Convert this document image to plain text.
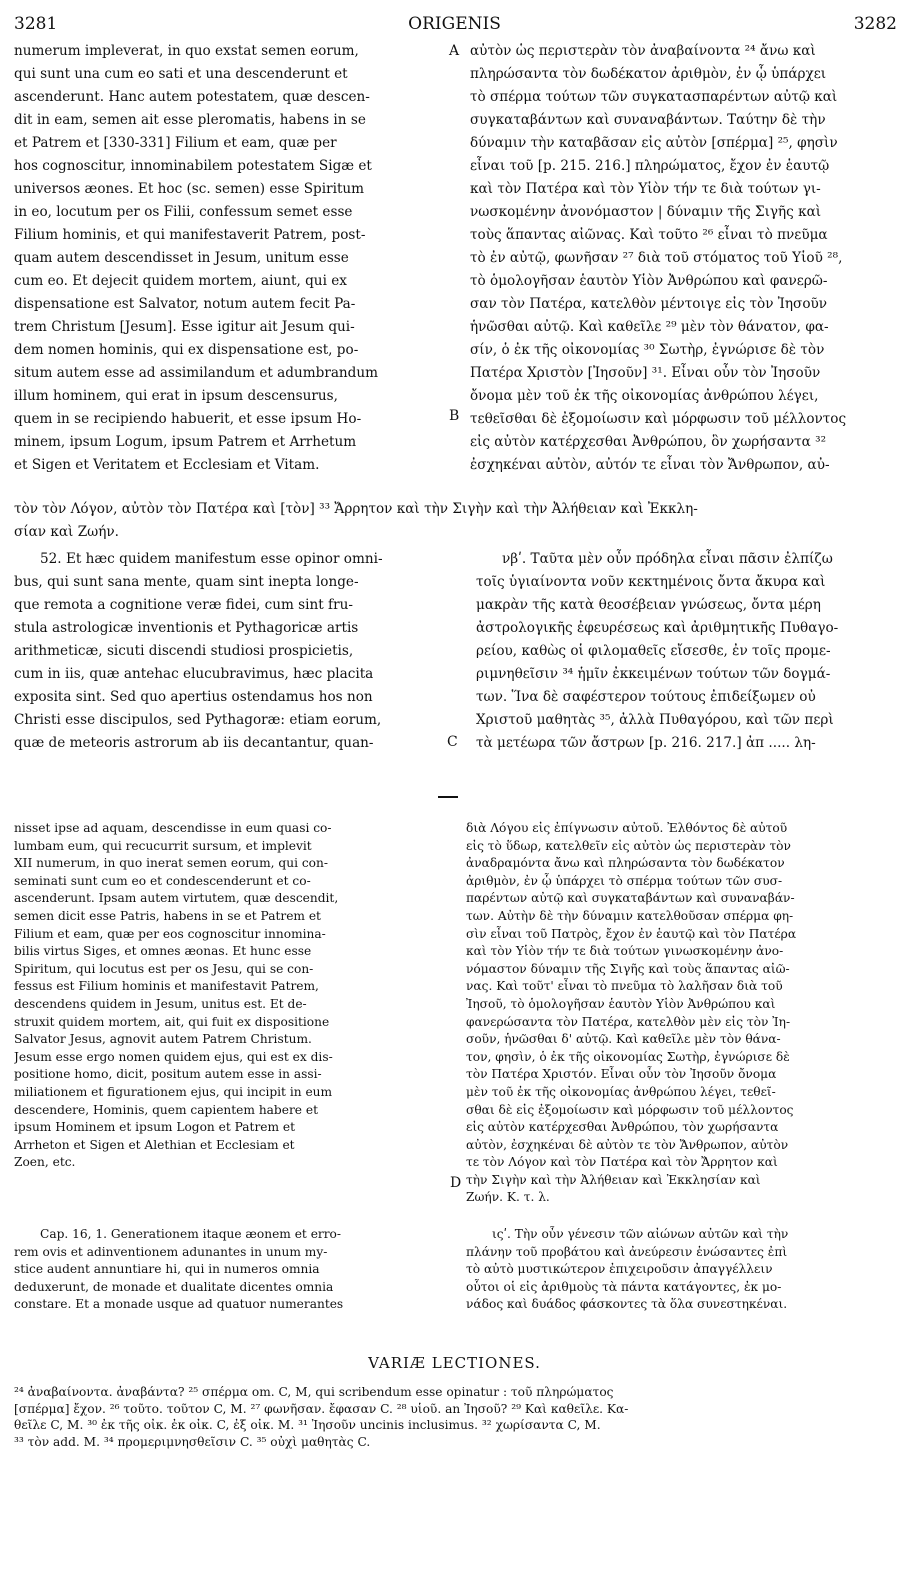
3281	ORIGENIS	3282
numerum impleverat, in quo exstat semen eorum,
qui sunt una cum eo sati et una descenderunt et
ascenderunt. Hanc autem potestatem, quæ descen-
dit in eam, semen ait esse pleromatis, habens in se
et Patrem et [330-331] Filium et eam, quæ per
hos cognoscitur, innominabilem potestatem Sigæ et
universos æones. Et hoc (sc. semen) esse Spiritum
in eo, locutum per os Filii, confessum semet esse
Filium hominis, et qui manifestaverit Patrem, post-
quam autem descendisset in Jesum, unitum esse
cum eo. Et dejecit quidem mortem, aiunt, qui ex
dispensatione est Salvator, notum autem fecit Pa-
trem Christum [Jesum]. Esse igitur ait Jesum qui-
dem nomen hominis, qui ex dispensatione est, po-
situm autem esse ad assimilandum et adumbrandum
illum hominem, qui erat in ipsum descensurus,
quem in se recipiendo habuerit, et esse ipsum Ho-
minem, ipsum Logum, ipsum Patrem et Arrhetum
et Sigen et Veritatem et Ecclesiam et Vitam.
αὐτὸν ὡς περιστερὰν τὸν ἀναβαίνοντα ²⁴ ἄνω καὶ
πληρώσαντα τὸν δωδέκατον ἀριθμὸν, ἐν ᾧ ὑπάρχει
τὸ σπέρμα τούτων τῶν συγκατασπαρέντων αὐτῷ καὶ
συγκαταβάντων καὶ συναναβάντων. Ταύτην δὲ τὴν
δύναμιν τὴν καταβᾶσαν εἰς αὐτὸν [σπέρμα] ²⁵, φησὶν
εἶναι τοῦ [p. 215. 216.] πληρώματος, ἔχον ἐν ἑαυτῷ
καὶ τὸν Πατέρα καὶ τὸν Υἱὸν τήν τε διὰ τούτων γι-
νωσκομένην ἀνονόμαστον | δύναμιν τῆς Σιγῆς καὶ
τοὺς ἅπαντας αἰῶνας. Καὶ τοῦτο ²⁶ εἶναι τὸ πνεῦμα
τὸ ἐν αὐτῷ, φωνῆσαν ²⁷ διὰ τοῦ στόματος τοῦ Υἱοῦ ²⁸,
τὸ ὁμολογῆσαν ἑαυτὸν Υἱὸν Ἀνθρώπου καὶ φανερῶ-
σαν τὸν Πατέρα, κατελθὸν μέντοιγε εἰς τὸν Ἰησοῦν
ἡνῶσθαι αὐτῷ. Καὶ καθεῖλε ²⁹ μὲν τὸν θάνατον, φα-
σίν, ὁ ἐκ τῆς οἰκονομίας ³⁰ Σωτὴρ, ἐγνώρισε δὲ τὸν
Πατέρα Χριστὸν [Ἰησοῦν] ³¹. Εἶναι οὖν τὸν Ἰησοῦν
ὄνομα μὲν τοῦ ἐκ τῆς οἰκονομίας ἀνθρώπου λέγει,
τεθεῖσθαι δὲ ἐξομοίωσιν καὶ μόρφωσιν τοῦ μέλλοντος
εἰς αὐτὸν κατέρχεσθαι Ἀνθρώπου, ὃν χωρήσαντα ³²
ἐσχηκέναι αὐτὸν, αὐτόν τε εἶναι τὸν Ἄνθρωπον, αὐ-
A
B
τὸν τὸν Λόγον, αὐτὸν τὸν Πατέρα καὶ [τὸν] ³³ Ἄρρητον καὶ τὴν Σιγὴν καὶ τὴν Ἀλήθειαν καὶ Ἐκκλη-
σίαν καὶ Ζωήν.
52. Et hæc quidem manifestum esse opinor omni-
bus, qui sunt sana mente, quam sint inepta longe-
que remota a cognitione veræ fidei, cum sint fru-
stula astrologicæ inventionis et Pythagoricæ artis
arithmeticæ, sicuti discendi studiosi prospicietis,
cum in iis, quæ antehac elucubravimus, hæc placita
exposita sint. Sed quo apertius ostendamus hos non
Christi esse discipulos, sed Pythagoræ: etiam eorum,
quæ de meteoris astrorum ab iis decantantur, quan-
νβʹ. Ταῦτα μὲν οὖν πρόδηλα εἶναι πᾶσιν ἐλπίζω
τοῖς ὑγιαίνοντα νοῦν κεκτημένοις ὄντα ἄκυρα καὶ
μακρὰν τῆς κατὰ θεοσέβειαν γνώσεως, ὄντα μέρη
ἀστρολογικῆς ἐφευρέσεως καὶ ἀριθμητικῆς Πυθαγο-
ρείου, καθὼς οἱ φιλομαθεῖς εἴσεσθε, ἐν τοῖς προμε-
ριμνηθεῖσιν ³⁴ ἡμῖν ἐκκειμένων τούτων τῶν δογμά-
των. Ἵνα δὲ σαφέστερον τούτους ἐπιδείξωμεν οὐ
Χριστοῦ μαθητὰς ³⁵, ἀλλὰ Πυθαγόρου, καὶ τῶν περὶ
τὰ μετέωρα τῶν ἄστρων [p. 216. 217.] ἀπ ..... λη-
C
nisset ipse ad aquam, descendisse in eum quasi co-
lumbam eum, qui recucurrit sursum, et implevit
XII numerum, in quo inerat semen eorum, qui con-
seminati sunt cum eo et condescenderunt et co-
ascenderunt. Ipsam autem virtutem, quæ descendit,
semen dicit esse Patris, habens in se et Patrem et
Filium et eam, quæ per eos cognoscitur innomina-
bilis virtus Siges, et omnes æonas. Et hunc esse
Spiritum, qui locutus est per os Jesu, qui se con-
fessus est Filium hominis et manifestavit Patrem,
descendens quidem in Jesum, unitus est. Et de-
struxit quidem mortem, ait, qui fuit ex dispositione
Salvator Jesus, agnovit autem Patrem Christum.
Jesum esse ergo nomen quidem ejus, qui est ex dis-
positione homo, dicit, positum autem esse in assi-
miliationem et figurationem ejus, qui incipit in eum
descendere, Hominis, quem capientem habere et
ipsum Hominem et ipsum Logon et Patrem et
Arrheton et Sigen et Alethian et Ecclesiam et
Zoen, etc.
διὰ Λόγου εἰς ἐπίγνωσιν αὐτοῦ. Ἐλθόντος δὲ αὐτοῦ
εἰς τὸ ὕδωρ, κατελθεῖν εἰς αὐτὸν ὡς περιστερὰν τὸν
ἀναδραμόντα ἄνω καὶ πληρώσαντα τὸν δωδέκατον
ἀριθμὸν, ἐν ᾧ ὑπάρχει τὸ σπέρμα τούτων τῶν συσ-
παρέντων αὐτῷ καὶ συγκαταβάντων καὶ συναναβάν-
των. Αὐτὴν δὲ τὴν δύναμιν κατελθοῦσαν σπέρμα φη-
σὶν εἶναι τοῦ Πατρὸς, ἔχον ἐν ἑαυτῷ καὶ τὸν Πατέρα
καὶ τὸν Υἱὸν τήν τε διὰ τούτων γινωσκομένην ἀνο-
νόμαστον δύναμιν τῆς Σιγῆς καὶ τοὺς ἅπαντας αἰῶ-
νας. Καὶ τοῦτ' εἶναι τὸ πνεῦμα τὸ λαλῆσαν διὰ τοῦ
Ἰησοῦ, τὸ ὁμολογῆσαν ἑαυτὸν Υἱὸν Ἀνθρώπου καὶ
φανερώσαντα τὸν Πατέρα, κατελθὸν μὲν εἰς τὸν Ἰη-
σοῦν, ἡνῶσθαι δ' αὐτῷ. Καὶ καθεῖλε μὲν τὸν θάνα-
τον, φησὶν, ὁ ἐκ τῆς οἰκονομίας Σωτὴρ, ἐγνώρισε δὲ
τὸν Πατέρα Χριστόν. Εἶναι οὖν τὸν Ἰησοῦν ὄνομα
μὲν τοῦ ἐκ τῆς οἰκονομίας ἀνθρώπου λέγει, τεθεῖ-
σθαι δὲ εἰς ἐξομοίωσιν καὶ μόρφωσιν τοῦ μέλλοντος
εἰς αὐτὸν κατέρχεσθαι Ἀνθρώπου, τὸν χωρήσαντα
αὐτὸν, ἐσχηκέναι δὲ αὐτὸν τε τὸν Ἄνθρωπον, αὐτὸν
τε τὸν Λόγον καὶ τὸν Πατέρα καὶ τὸν Ἄρρητον καὶ
τὴν Σιγὴν καὶ τὴν Ἀλήθειαν καὶ Ἐκκλησίαν καὶ
Ζωήν. Κ. τ. λ.
D
Cap. 16, 1. Generationem itaque æonem et erro-
rem ovis et adinventionem adunantes in unum my-
stice audent annuntiare hi, qui in numeros omnia
deduxerunt, de monade et dualitate dicentes omnia
constare. Et a monade usque ad quatuor numerantes
ιςʹ. Τὴν οὖν γένεσιν τῶν αἰώνων αὐτῶν καὶ τὴν
πλάνην τοῦ προβάτου καὶ ἀνεύρεσιν ἑνώσαντες ἐπὶ
τὸ αὐτὸ μυστικώτερον ἐπιχειροῦσιν ἀπαγγέλλειν
οὗτοι οἱ εἰς ἀριθμοὺς τὰ πάντα κατάγοντες, ἐκ μο-
νάδος καὶ δυάδος φάσκοντες τὰ ὅλα συνεστηκέναι.
VARIÆ LECTIONES.
²⁴ ἀναβαίνοντα. ἀναβάντα? ²⁵ σπέρμα om. C, M, qui scribendum esse opinatur : τοῦ πληρώματος
[σπέρμα] ἔχον. ²⁶ τοῦτο. τοῦτον C, M. ²⁷ φωνῆσαν. ἔφασαν C. ²⁸ υἱοῦ. an Ἰησοῦ? ²⁹ Καὶ καθεῖλε. Κα-
θεῖλε C, M. ³⁰ ἐκ τῆς οἰκ. ἐκ οἰκ. C, ἐξ οἰκ. M. ³¹ Ἰησοῦν uncinis inclusimus. ³² χωρίσαντα C, M.
³³ τὸν add. M. ³⁴ προμεριμνησθεῖσιν C. ³⁵ οὐχὶ μαθητὰς C.
